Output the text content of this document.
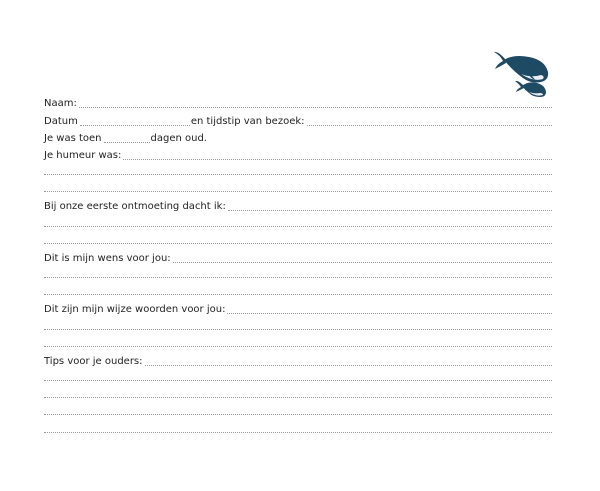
Naam:
Datum	en tijdstip van bezoek:
Je was toen	dagen oud.
Je humeur was:
Bij onze eerste ontmoeting dacht ik:
Dit is mijn wens voor jou:
Dit zijn mijn wijze woorden voor jou:
Tips voor je ouders:
